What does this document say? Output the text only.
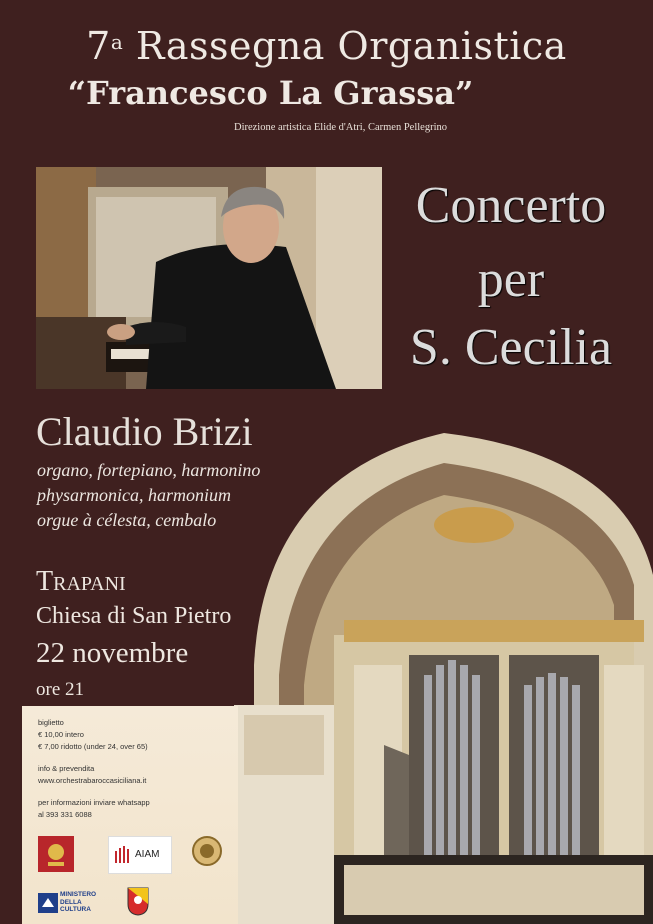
7$^a$ Rassegna Organistica
“Francesco La Grassa”
Direzione artistica Elide d'Atri, Carmen Pellegrino
Concerto
per
S. Cecilia
Claudio Brizi
organo, fortepiano, harmonino
physarmonica, harmonium
orgue à célesta, cembalo
Trapani
Chiesa di San Pietro
22 novembre
ore 21
biglietto
€ 10,00 intero
€ 7,00 ridotto (under 24, over 65)
info & prevendita
www.orchestrabaroccasiciliana.it
per informazioni inviare whatsapp
al 393 331 6088
AIAM
MINISTERO
DELLA
CULTURA
